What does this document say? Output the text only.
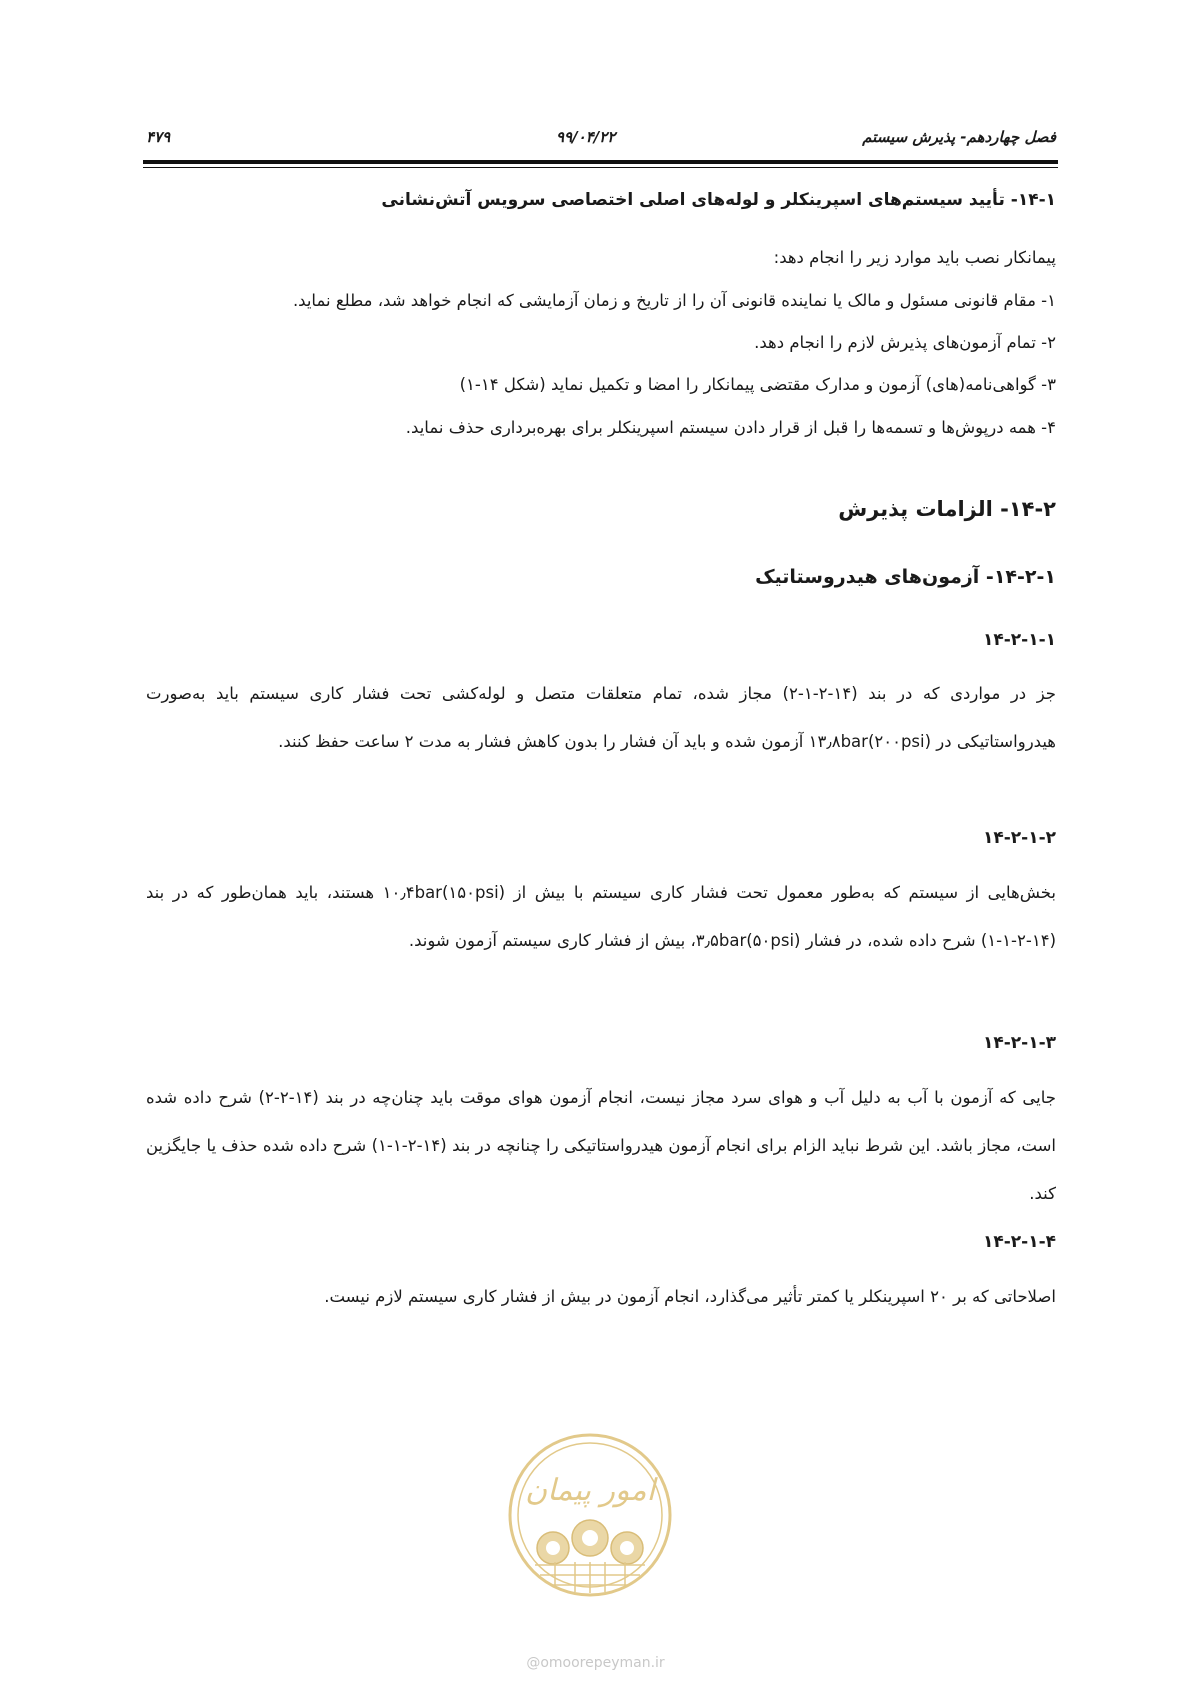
فصل چهاردهم- پذیرش سیستم
۹۹/۰۴/۲۲
۴۷۹
۱۴-۱- تأیید سیستم‌های اسپرینکلر و لوله‌های اصلی اختصاصی سرویس آتش‌نشانی
پیمانکار نصب باید موارد زیر را انجام دهد:
۱- مقام قانونی مسئول و مالک یا نماینده قانونی آن را از تاریخ و زمان آزمایشی که انجام خواهد شد، مطلع نماید.
۲- تمام آزمون‌های پذیرش لازم را انجام دهد.
۳- گواهی‌نامه(های) آزمون و مدارک مقتضی پیمانکار را امضا و تکمیل نماید (شکل ۱۴-۱)
۴- همه درپوش‌ها و تسمه‌ها را قبل از قرار دادن سیستم اسپرینکلر برای بهره‌برداری حذف نماید.
۱۴-۲- الزامات پذیرش
۱۴-۲-۱- آزمون‌های هیدروستاتیک
۱۴-۲-۱-۱
جز در مواردی که در بند (۱۴-۲-۱-۲) مجاز شده، تمام متعلقات متصل و لوله‌کشی تحت فشار کاری سیستم باید به‌صورت هیدرواستاتیکی در ۱۳٫۸bar(۲۰۰psi) آزمون شده و باید آن فشار را بدون کاهش فشار به مدت ۲ ساعت حفظ کنند.
۱۴-۲-۱-۲
بخش‌هایی از سیستم که به‌طور معمول تحت فشار کاری سیستم با بیش از ۱۰٫۴bar(۱۵۰psi) هستند، باید همان‌طور که در بند (۱۴-۲-۱-۱) شرح داده شده، در فشار ۳٫۵bar(۵۰psi)، بیش از فشار کاری سیستم آزمون شوند.
۱۴-۲-۱-۳
جایی که آزمون با آب به دلیل آب و هوای سرد مجاز نیست، انجام آزمون هوای موقت باید چنان‌چه در بند (۱۴-۲-۲) شرح داده شده است، مجاز باشد. این شرط نباید الزام برای انجام آزمون هیدرواستاتیکی را چنانچه در بند (۱۴-۲-۱-۱) شرح داده شده حذف یا جایگزین کند.
۱۴-۲-۱-۴
اصلاحاتی که بر ۲۰ اسپرینکلر یا کمتر تأثیر می‌گذارد، انجام آزمون در بیش از فشار کاری سیستم لازم نیست.
امور پیمان
@omoorepeyman.ir
